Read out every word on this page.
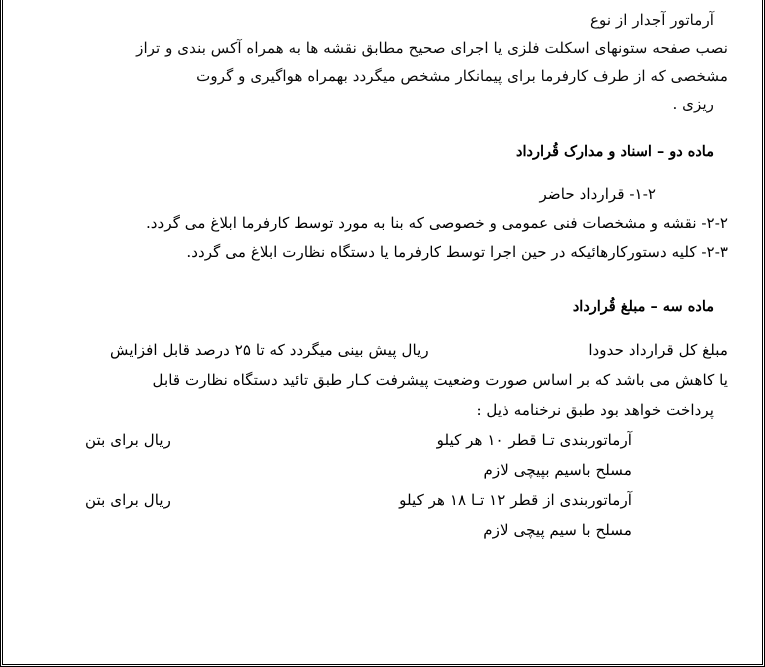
آرماتور آجدار از نوع
نصب صفحه ستونهای اسکلت فلزی یا اجرای صحیح مطابق نقشه ها به همراه آکس بندی و تراز
مشخصی که از طرف کارفرما برای پیمانکار مشخص میگردد بهمراه هواگیری و گروت
ریزی .
ماده دو – اسناد و مدارک قُرارداد
۱-۲- قرارداد حاضر
۲-۲- نقشه و مشخصات فنی عمومی و خصوصی که بنا به مورد توسط کارفرما ابلاغ می گردد.
۲-۳- کلیه دستورکارهائیکه در حین اجرا توسط کارفرما یا دستگاه نظارت ابلاغ می گردد.
ماده سه – مبلغ قُرارداد
مبلغ کل قرارداد حدودا  ریال پیش بینی میگردد که تا ۲۵ درصد قابل افزایش
یا کاهش می باشد که بر اساس صورت وضعیت پیشرفت کـار طبق تائید دستگاه نظارت قابل
پرداخت خواهد بود طبق نرخنامه ذیل :
آرماتوربندی تـا قطر ۱۰ هر کیلو
ریال برای بتن
مسلح باسیم بپیچی لازم
آرماتوربندی از قطر ۱۲ تـا ۱۸ هر کیلو
ریال برای بتن
مسلح با سیم پیچی لازم
